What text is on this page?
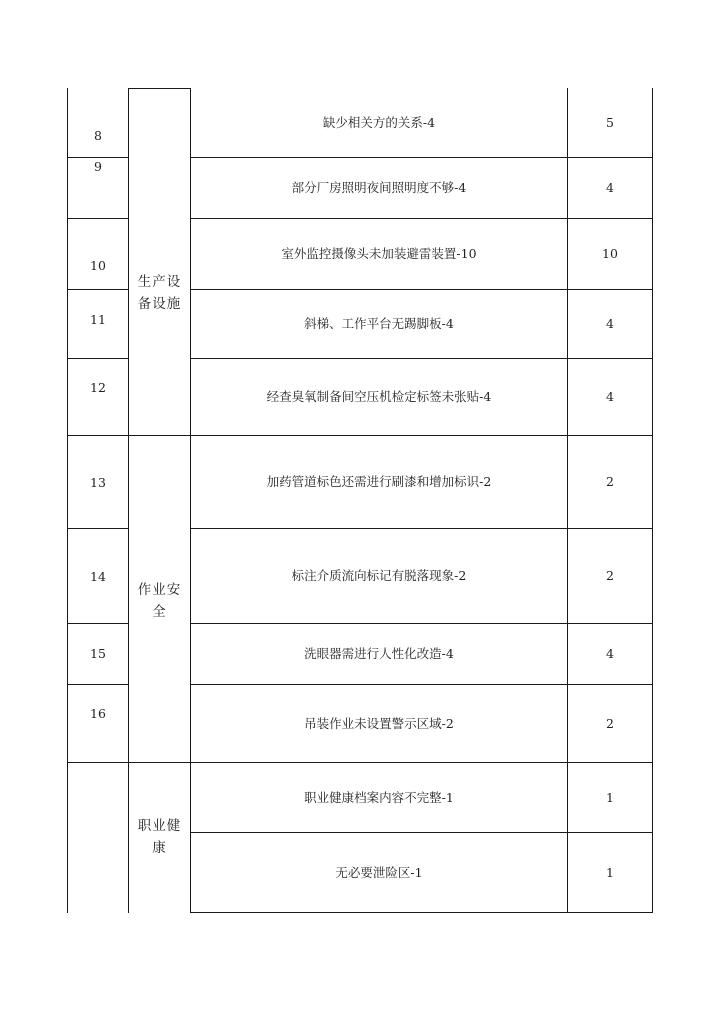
8
9
10
11
12
13
14
15
16
生产设
备设施
作业安
全
职业健
康
缺少相关方的关系-4
部分厂房照明夜间照明度不够-4
室外监控摄像头未加装避雷装置-10
斜梯、工作平台无踢脚板-4
经查臭氧制备间空压机检定标签未张贴-4
加药管道标色还需进行刷漆和增加标识-2
标注介质流向标记有脱落现象-2
洗眼器需进行人性化改造-4
吊装作业未设置警示区域-2
职业健康档案内容不完整-1
无必要泄险区-1
5
4
10
4
4
2
2
4
2
1
1
